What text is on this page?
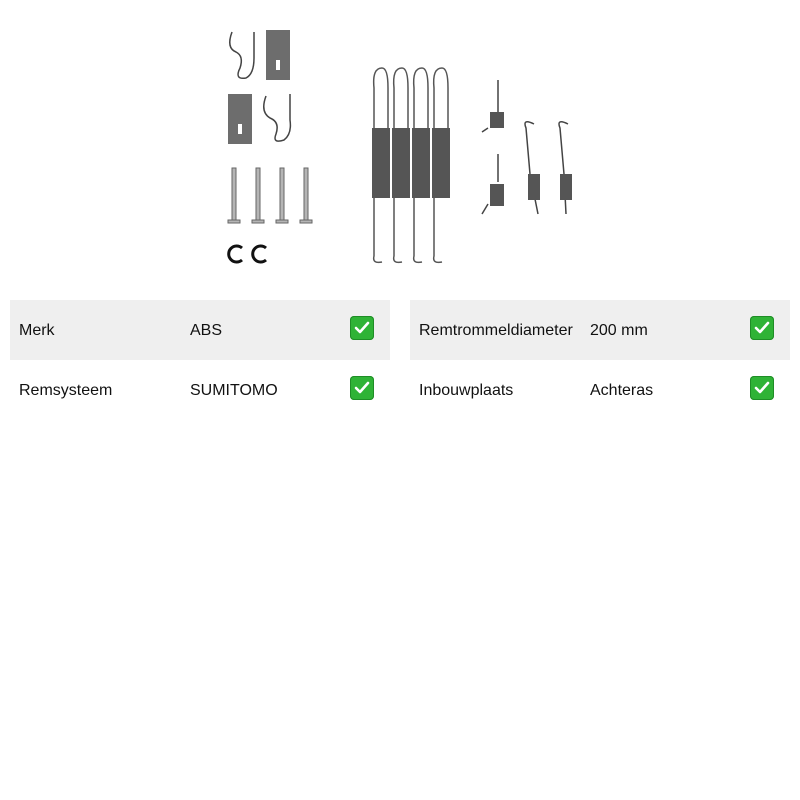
Merk	ABS
Remsysteem	SUMITOMO
Remtrommeldiameter 200 mm
Inbouwplaats	Achteras
